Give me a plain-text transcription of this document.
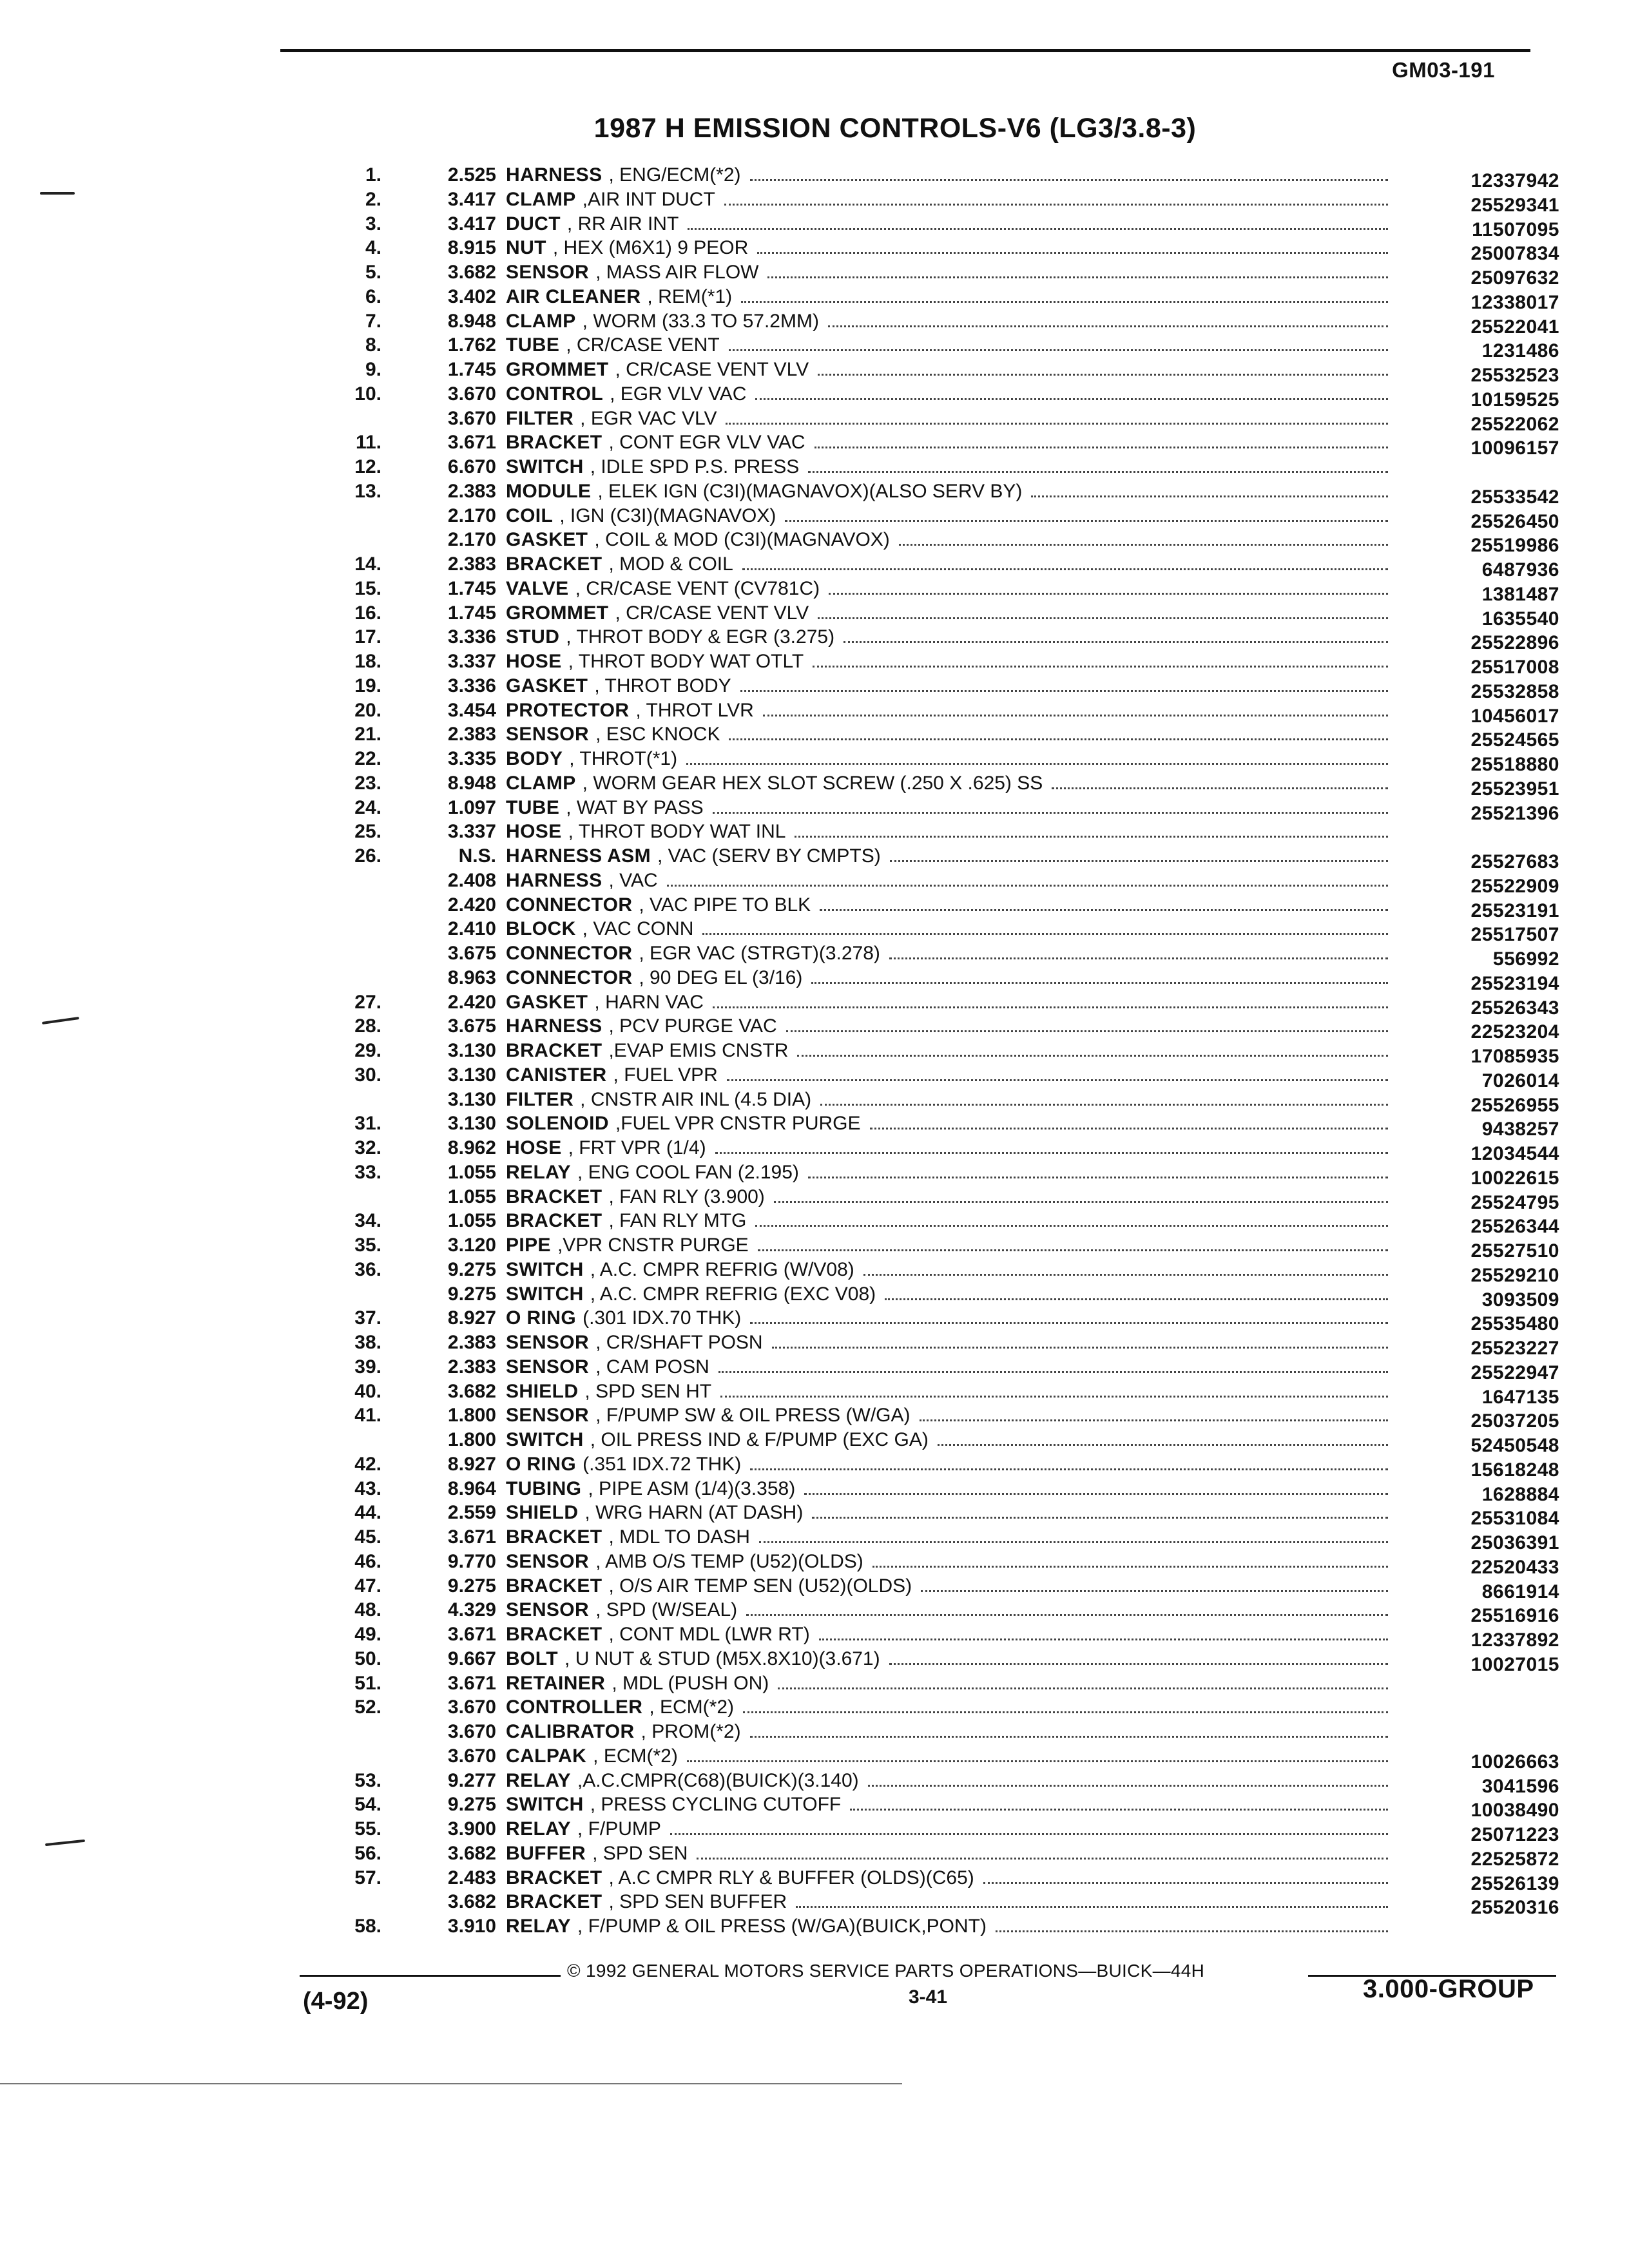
GM03-191
1987 H EMISSION CONTROLS-V6 (LG3/3.8-3)
1.	2.525 HARNESS , ENG/ECM(*2)	12337942
2.	3.417 CLAMP ,AIR INT DUCT	25529341
3.	3.417 DUCT , RR AIR INT	11507095
4.	8.915 NUT , HEX (M6X1) 9 PEOR	25007834
5.	3.682 SENSOR , MASS AIR FLOW	25097632
6.	3.402 AIR CLEANER , REM(*1)	12338017
7.	8.948 CLAMP , WORM (33.3 TO 57.2MM)	25522041
8.	1.762 TUBE , CR/CASE VENT	1231486
9.	1.745 GROMMET , CR/CASE VENT VLV	25532523
10.	3.670 CONTROL , EGR VLV VAC	10159525
3.670 FILTER , EGR VAC VLV	25522062
11.	3.671 BRACKET , CONT EGR VLV VAC	10096157
12.	6.670 SWITCH , IDLE SPD P.S. PRESS
13.	2.383 MODULE , ELEK IGN (C3I)(MAGNAVOX)(ALSO SERV BY)	25533542
2.170 COIL , IGN (C3I)(MAGNAVOX)	25526450
2.170 GASKET , COIL & MOD (C3I)(MAGNAVOX)	25519986
14.	2.383 BRACKET , MOD & COIL	6487936
15.	1.745 VALVE , CR/CASE VENT (CV781C)	1381487
16.	1.745 GROMMET , CR/CASE VENT VLV	1635540
17.	3.336 STUD , THROT BODY & EGR (3.275)	25522896
18.	3.337 HOSE , THROT BODY WAT OTLT	25517008
19.	3.336 GASKET , THROT BODY	25532858
20.	3.454 PROTECTOR , THROT LVR	10456017
21.	2.383 SENSOR , ESC KNOCK	25524565
22.	3.335 BODY , THROT(*1)	25518880
23.	8.948 CLAMP , WORM GEAR HEX SLOT SCREW (.250 X .625) SS	25523951
24.	1.097 TUBE , WAT BY PASS	25521396
25.	3.337 HOSE , THROT BODY WAT INL
26.	N.S. HARNESS ASM , VAC (SERV BY CMPTS)	25527683
2.408 HARNESS , VAC	25522909
2.420 CONNECTOR , VAC PIPE TO BLK	25523191
2.410 BLOCK , VAC CONN	25517507
3.675 CONNECTOR , EGR VAC (STRGT)(3.278)	556992
8.963 CONNECTOR , 90 DEG EL (3/16)	25523194
27.	2.420 GASKET , HARN VAC	25526343
28.	3.675 HARNESS , PCV PURGE VAC	22523204
29.	3.130 BRACKET ,EVAP EMIS CNSTR	17085935
30.	3.130 CANISTER , FUEL VPR	7026014
3.130 FILTER , CNSTR AIR INL (4.5 DIA)	25526955
31.	3.130 SOLENOID ,FUEL VPR CNSTR PURGE	9438257
32.	8.962 HOSE , FRT VPR (1/4)	12034544
33.	1.055 RELAY , ENG COOL FAN (2.195)	10022615
1.055 BRACKET , FAN RLY (3.900)	25524795
34.	1.055 BRACKET , FAN RLY MTG	25526344
35.	3.120 PIPE ,VPR CNSTR PURGE	25527510
36.	9.275 SWITCH , A.C. CMPR REFRIG (W/V08)	25529210
9.275 SWITCH , A.C. CMPR REFRIG (EXC V08)	3093509
37.	8.927 O RING (.301 IDX.70 THK)	25535480
38.	2.383 SENSOR , CR/SHAFT POSN	25523227
39.	2.383 SENSOR , CAM POSN	25522947
40.	3.682 SHIELD , SPD SEN HT	1647135
41.	1.800 SENSOR , F/PUMP SW & OIL PRESS (W/GA)	25037205
1.800 SWITCH , OIL PRESS IND & F/PUMP (EXC GA)	52450548
42.	8.927 O RING (.351 IDX.72 THK)	15618248
43.	8.964 TUBING , PIPE ASM (1/4)(3.358)	1628884
44.	2.559 SHIELD , WRG HARN (AT DASH)	25531084
45.	3.671 BRACKET , MDL TO DASH	25036391
46.	9.770 SENSOR , AMB O/S TEMP (U52)(OLDS)	22520433
47.	9.275 BRACKET , O/S AIR TEMP SEN (U52)(OLDS)	8661914
48.	4.329 SENSOR , SPD (W/SEAL)	25516916
49.	3.671 BRACKET , CONT MDL (LWR RT)	12337892
50.	9.667 BOLT , U NUT & STUD (M5X.8X10)(3.671)	10027015
51.	3.671 RETAINER , MDL (PUSH ON)
52.	3.670 CONTROLLER , ECM(*2)
3.670 CALIBRATOR , PROM(*2)
3.670 CALPAK , ECM(*2)	10026663
53.	9.277 RELAY ,A.C.CMPR(C68)(BUICK)(3.140)	3041596
54.	9.275 SWITCH , PRESS CYCLING CUTOFF	10038490
55.	3.900 RELAY , F/PUMP	25071223
56.	3.682 BUFFER , SPD SEN	22525872
57.	2.483 BRACKET , A.C CMPR RLY & BUFFER (OLDS)(C65)	25526139
3.682 BRACKET , SPD SEN BUFFER	25520316
58.	3.910 RELAY , F/PUMP & OIL PRESS (W/GA)(BUICK,PONT)
© 1992 GENERAL MOTORS SERVICE PARTS OPERATIONS—BUICK—44H
3-41
(4-92)	3.000-GROUP
